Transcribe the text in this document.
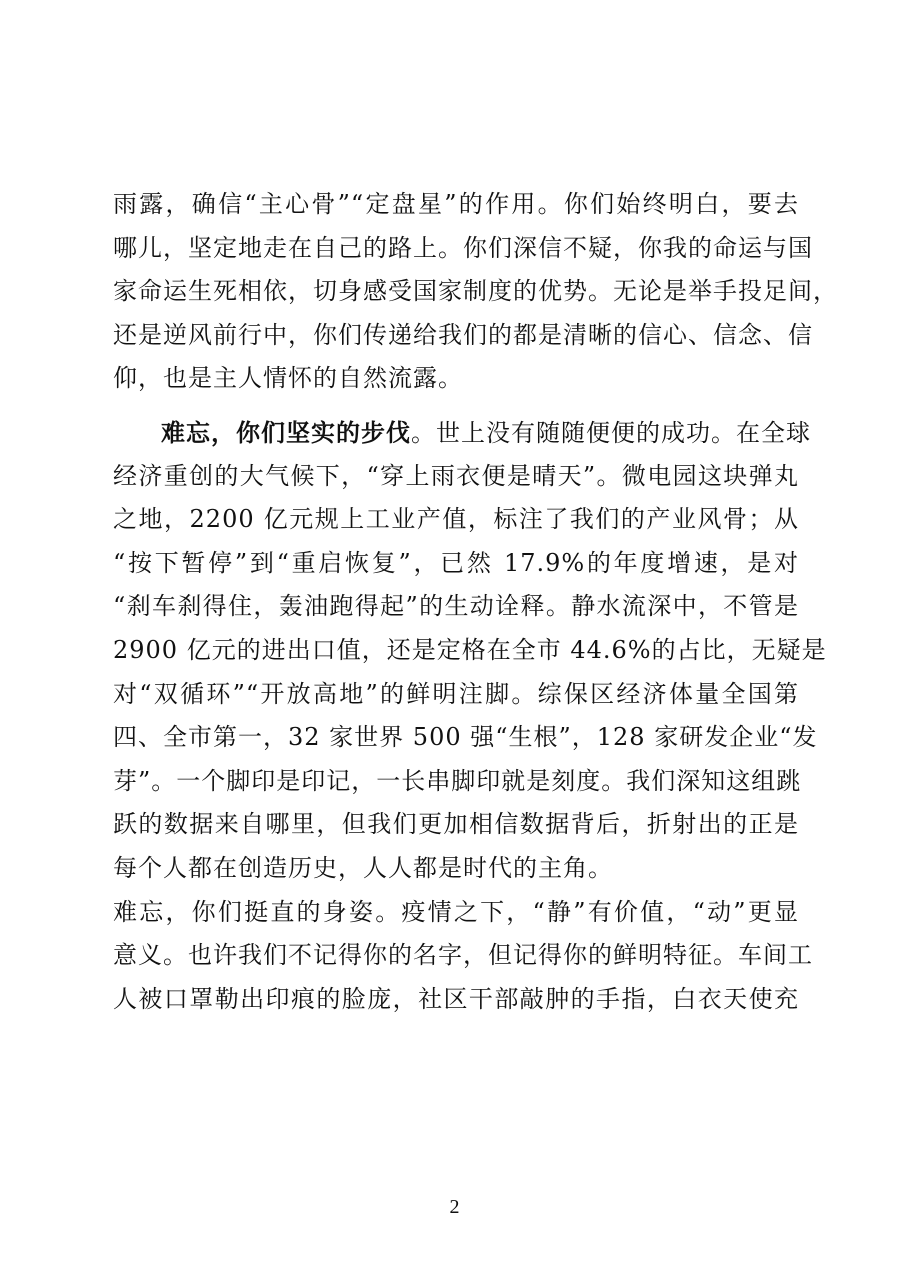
雨露，确信“主心骨”“定盘星”的作用。你们始终明白，要去
哪儿，坚定地走在自己的路上。你们深信不疑，你我的命运与国
家命运生死相依，切身感受国家制度的优势。无论是举手投足间，
还是逆风前行中，你们传递给我们的都是清晰的信心、信念、信
仰，也是主人情怀的自然流露。
难忘，你们坚实的步伐。世上没有随随便便的成功。在全球
经济重创的大气候下，“穿上雨衣便是晴天”。微电园这块弹丸
之地，2200 亿元规上工业产值，标注了我们的产业风骨；从
“按下暂停”到“重启恢复”，已然 17.9%的年度增速，是对
“刹车刹得住，轰油跑得起”的生动诠释。静水流深中，不管是
2900 亿元的进出口值，还是定格在全市 44.6%的占比，无疑是
对“双循环”“开放高地”的鲜明注脚。综保区经济体量全国第
四、全市第一，32 家世界 500 强“生根”，128 家研发企业“发
芽”。一个脚印是印记，一长串脚印就是刻度。我们深知这组跳
跃的数据来自哪里，但我们更加相信数据背后，折射出的正是
每个人都在创造历史，人人都是时代的主角。
难忘，你们挺直的身姿。疫情之下，“静”有价值，“动”更显
意义。也许我们不记得你的名字，但记得你的鲜明特征。车间工
人被口罩勒出印痕的脸庞，社区干部敲肿的手指，白衣天使充
2
